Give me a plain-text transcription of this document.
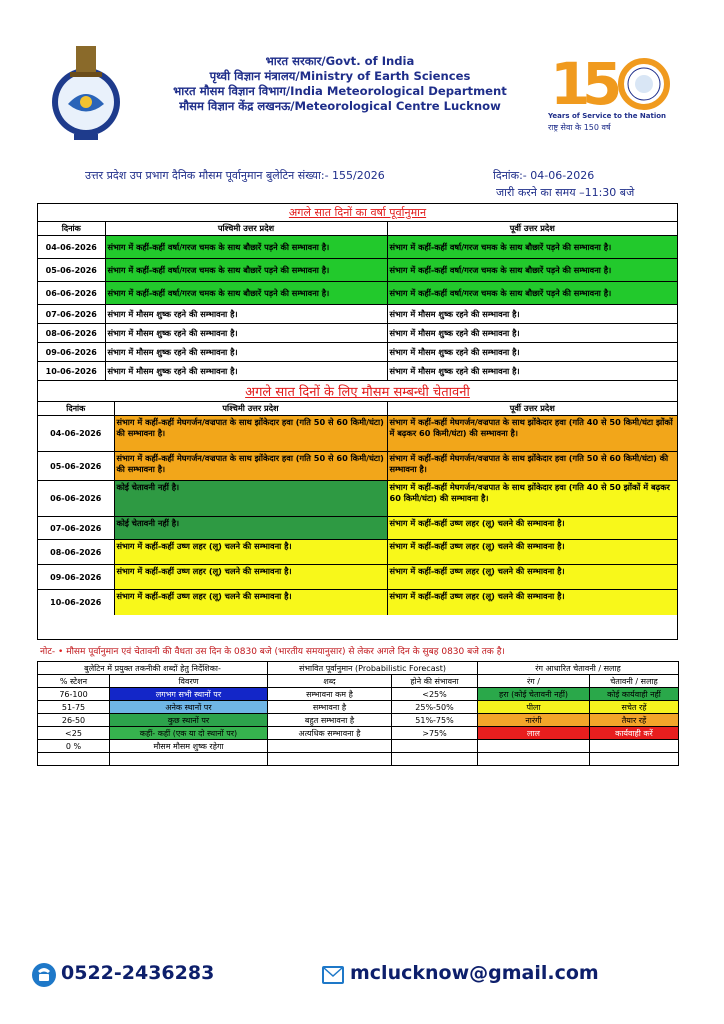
भारत सरकार/Govt. of India
पृथ्वी विज्ञान मंत्रालय/Ministry of Earth Sciences
भारत मौसम विज्ञान विभाग/India Meteorological Department
मौसम विज्ञान केंद्र लखनऊ/Meteorological Centre Lucknow 1
5
Years of Service to the Nation
राष्ट्र सेवा के 150 वर्ष
उत्तर प्रदेश उप प्रभाग दैनिक मौसम पूर्वानुमान बुलेटिन संख्या:- 155/2026	दिनांक:- 04-06-2026
जारी करने का समय –11:30 बजे
अगले सात दिनों का वर्षा पूर्वानुमान		
दिनांक	पश्चिमी उत्तर प्रदेश	पूर्वी उत्तर प्रदेश
04-06-2026	संभाग में कहीं-कहीं वर्षा/गरज चमक के साथ बौछारें पड़ने की सम्भावना है।	संभाग में कहीं-कहीं वर्षा/गरज चमक के साथ बौछारें पड़ने की सम्भावना है।
05-06-2026	संभाग में कहीं-कहीं वर्षा/गरज चमक के साथ बौछारें पड़ने की सम्भावना है।	संभाग में कहीं-कहीं वर्षा/गरज चमक के साथ बौछारें पड़ने की सम्भावना है।
06-06-2026	संभाग में कहीं-कहीं वर्षा/गरज चमक के साथ बौछारें पड़ने की सम्भावना है।	संभाग में कहीं-कहीं वर्षा/गरज चमक के साथ बौछारें पड़ने की सम्भावना है।
07-06-2026	संभाग में मौसम शुष्क रहने की सम्भावना है।	संभाग में मौसम शुष्क रहने की सम्भावना है।
08-06-2026	संभाग में मौसम शुष्क रहने की सम्भावना है।	संभाग में मौसम शुष्क रहने की सम्भावना है।
09-06-2026	संभाग में मौसम शुष्क रहने की सम्भावना है।	संभाग में मौसम शुष्क रहने की सम्भावना है।
10-06-2026	संभाग में मौसम शुष्क रहने की सम्भावना है।	संभाग में मौसम शुष्क रहने की सम्भावना है।
अगले सात दिनों के लिए मौसम सम्बन्धी चेतावनी		
दिनांक	पश्चिमी उत्तर प्रदेश	पूर्वी उत्तर प्रदेश
04-06-2026	संभाग में कहीं-कहीं मेघगर्जन/वज्रपात के साथ झोंकेदार हवा (गति 50 से 60 किमी/घंटा) की सम्भावना है।	संभाग में कहीं-कहीं मेघगर्जन/वज्रपात के साथ झोंकेदार हवा (गति 40 से 50 किमी/घंटा झोंकों में बढ़कर 60 किमी/घंटा) की सम्भावना है।
05-06-2026	संभाग में कहीं-कहीं मेघगर्जन/वज्रपात के साथ झोंकेदार हवा (गति 50 से 60 किमी/घंटा) की सम्भावना है।	संभाग में कहीं-कहीं मेघगर्जन/वज्रपात के साथ झोंकेदार हवा (गति 50 से 60 किमी/घंटा) की सम्भावना है।
06-06-2026	कोई चेतावनी नहीं है।	संभाग में कहीं-कहीं मेघगर्जन/वज्रपात के साथ झोंकेदार हवा (गति 40 से 50 झोंकों में बढ़कर 60 किमी/घंटा) की सम्भावना है।
07-06-2026	कोई चेतावनी नहीं है।	संभाग में कहीं-कहीं उष्ण लहर (लू) चलने की सम्भावना है।
08-06-2026	संभाग में कहीं-कहीं उष्ण लहर (लू) चलने की सम्भावना है।	संभाग में कहीं-कहीं उष्ण लहर (लू) चलने की सम्भावना है।
09-06-2026	संभाग में कहीं-कहीं उष्ण लहर (लू) चलने की सम्भावना है।	संभाग में कहीं-कहीं उष्ण लहर (लू) चलने की सम्भावना है।
10-06-2026	संभाग में कहीं-कहीं उष्ण लहर (लू) चलने की सम्भावना है।	संभाग में कहीं-कहीं उष्ण लहर (लू) चलने की सम्भावना है।
नोट- • मौसम पूर्वानुमान एवं चेतावनी की वैधता उस दिन के 0830 बजे (भारतीय समयानुसार) से लेकर अगले दिन के सुबह 0830 बजे तक है।
बुलेटिन में प्रयुक्त तकनीकी शब्दों हेतु निर्देशिका-		संभावित पूर्वानुमान (Probabilistic Forecast)		रंग आधारित चेतावनी / सलाह	
% स्टेशन	विवरण	शब्द	होने की संभावना	रंग /	चेतावनी / सलाह
76-100	लगभग सभी स्थानों पर	सम्भावना कम है	<25%	हरा (कोई चेतावनी नहीं)	कोई कार्यवाही नहीं
51-75	अनेक स्थानों पर	सम्भावना है	25%-50%	पीला	सचेत रहें
26-50	कुछ स्थानों पर	बहुत सम्भावना है	51%-75%	नारंगी	तैयार रहें
<25	कहीं- कहीं (एक या दो स्थानों पर)	अत्यधिक सम्भावना है	>75%	लाल	कार्यवाही करें
0 %	मौसम मौसम शुष्क रहेगा				

0522-2436283	mclucknow@gmail.com
